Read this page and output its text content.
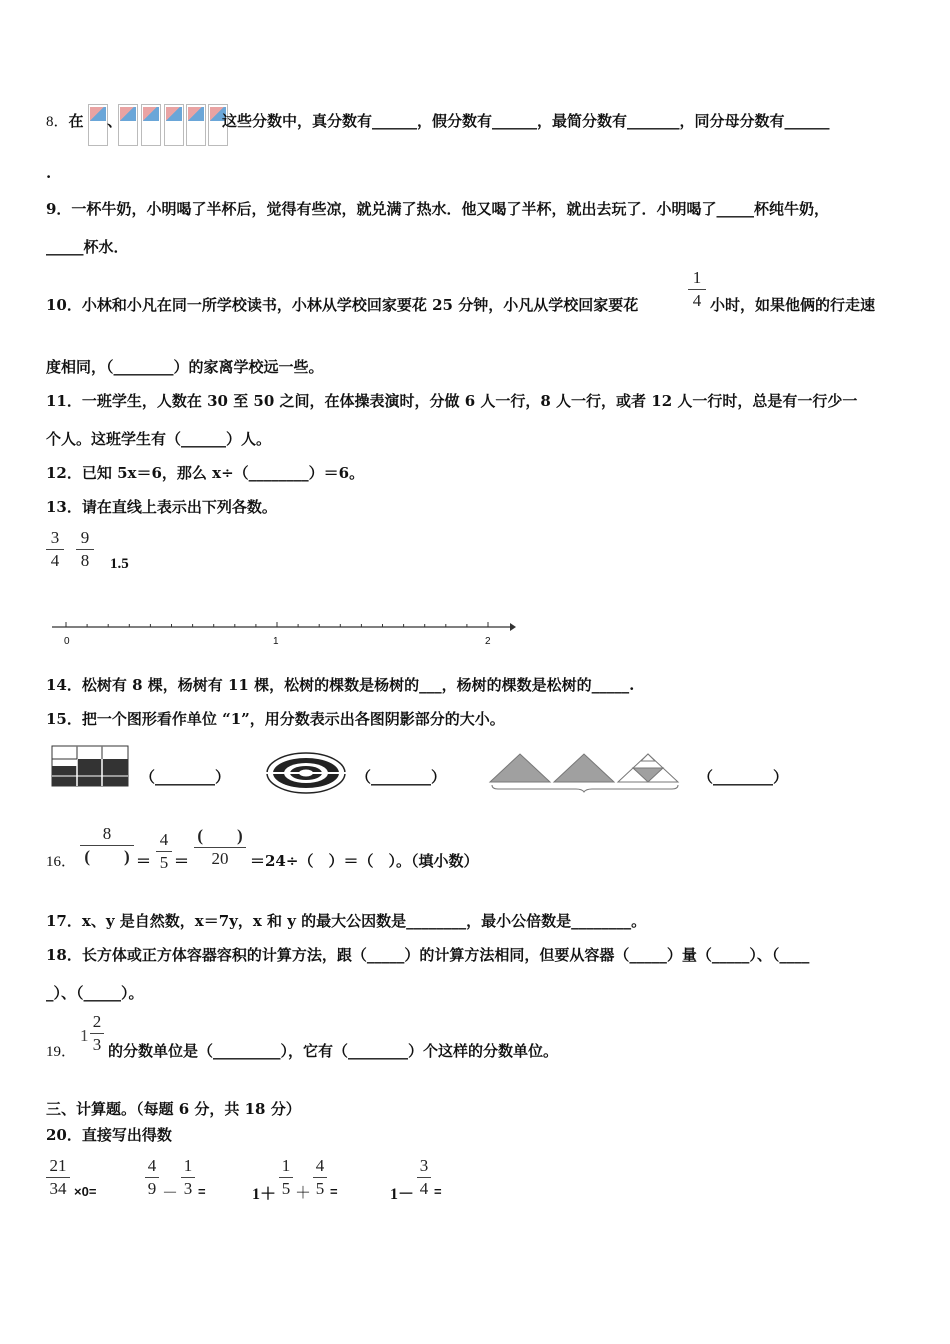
8．在 、	这些分数中，真分数有______，假分数有______，最简分数有_______，同分母分数有______
.
9．一杯牛奶，小明喝了半杯后，觉得有些凉，就兑满了热水．他又喝了半杯，就出去玩了．小明喝了_____杯纯牛奶，
_____杯水．
10．小林和小凡在同一所学校读书，小林从学校回家要花 25 分钟，小凡从学校回家要花
1
4 小时，如果他俩的行走速
度相同，（________）的家离学校远一些。
11．一班学生，人数在 30 至 50 之间，在体操表演时，分做 6 人一行，8 人一行，或者 12 人一行时，总是有一行少一
个人。这班学生有（______）人。
12．已知 5x＝6，那么 x÷（________）＝6。
13．请在直线上表示出下列各数。
3
4
9
8	1.5
0	1	2
14．松树有 8 棵，杨树有 11 棵，松树的棵数是杨树的___，杨树的棵数是松树的_____.
15．把一个图形看作单位 “1”，用分数表示出各图阴影部分的大小。
（________）	（________）	（________）
16．
8
(　　) ＝
4
5 ＝
(　　)
20	＝24÷（　）＝（　）。（填小数）
17．x、y 是自然数，x＝7y，x 和 y 的最大公因数是________，最小公倍数是________。
18．长方体或正方体容器容积的计算方法，跟（_____）的计算方法相同，但要从容器（_____）量（_____）、（____
_）、（_____）。
19．
1
2
3 的分数单位是（_________），它有（________）个这样的分数单位。
三、计算题。（每题 6 分，共 18 分）
20．直接写出得数
21
34 ×0=
4
9 －
1
3 =	1＋
1
5 ＋
4
5 =	1－
3
4 =
